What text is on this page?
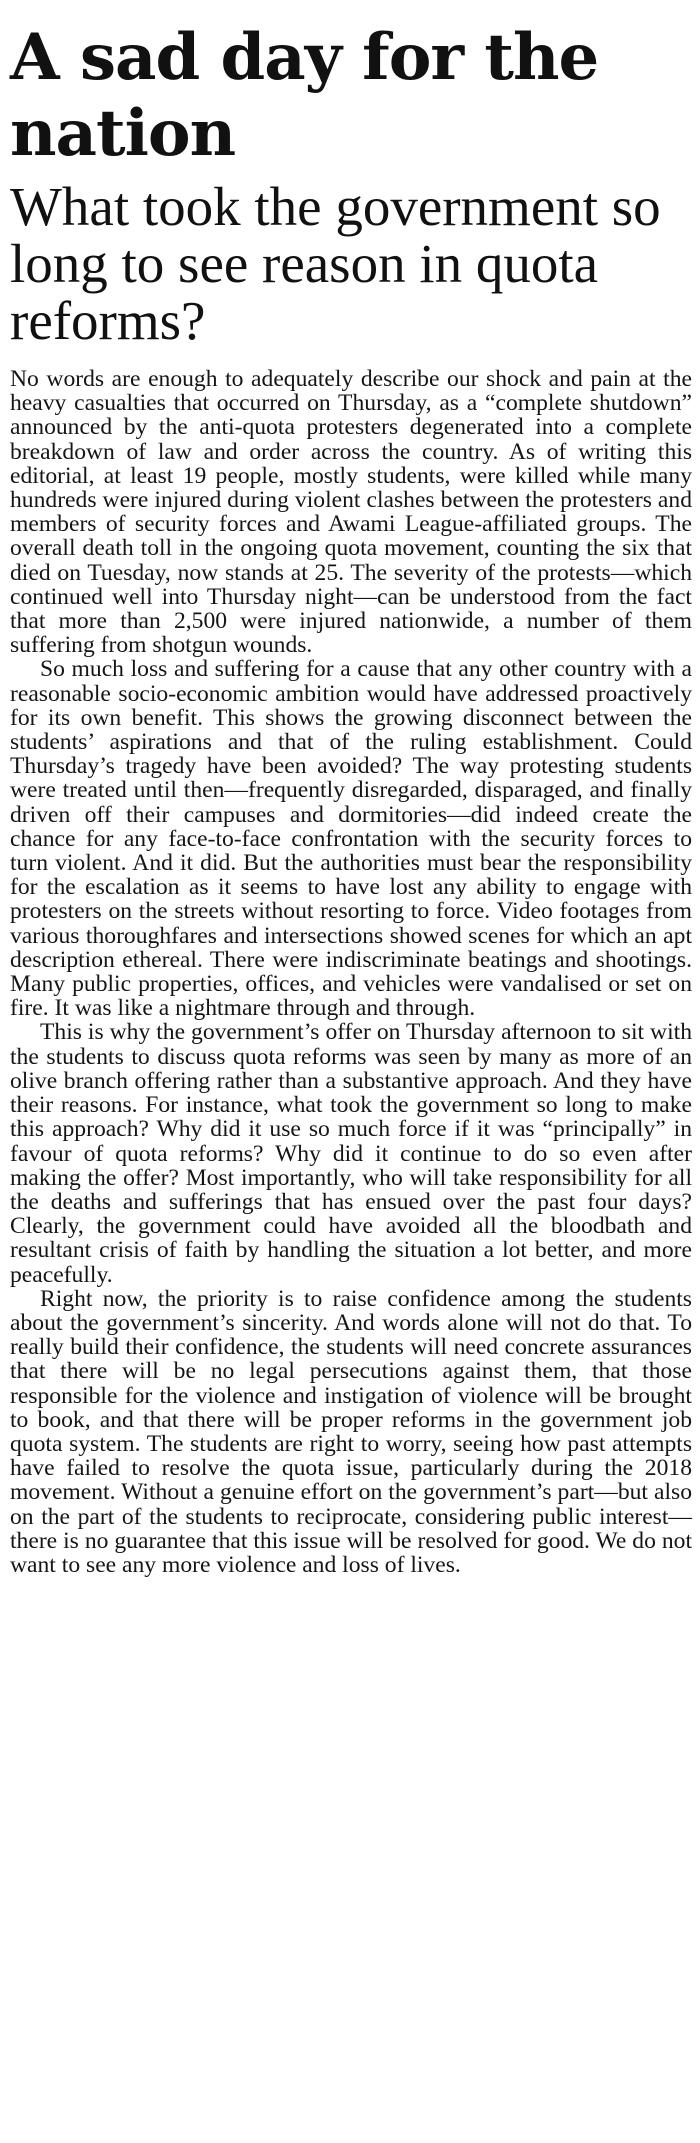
A sad day for the nation
What took the government so long to see reason in quota reforms?

No words are enough to adequately describe our shock and pain at the heavy casualties that occurred on Thursday, as a “complete shutdown” announced by the anti-quota protesters degenerated into a complete breakdown of law and order across the country. As of writing this editorial, at least 19 people, mostly students, were killed while many hundreds were injured during violent clashes between the protesters and members of security forces and Awami League-affiliated groups. The overall death toll in the ongoing quota movement, counting the six that died on Tuesday, now stands at 25. The severity of the protests—which continued well into Thursday night—can be understood from the fact that more than 2,500 were injured nationwide, a number of them suffering from shotgun wounds.

So much loss and suffering for a cause that any other country with a reasonable socio-economic ambition would have addressed proactively for its own benefit. This shows the growing disconnect between the students’ aspirations and that of the ruling establishment. Could Thursday’s tragedy have been avoided? The way protesting students were treated until then—frequently disregarded, disparaged, and finally driven off their campuses and dormitories—did indeed create the chance for any face-to-face confrontation with the security forces to turn violent. And it did. But the authorities must bear the responsibility for the escalation as it seems to have lost any ability to engage with protesters on the streets without resorting to force. Video footages from various thoroughfares and intersections showed scenes for which an apt description ethereal. There were indiscriminate beatings and shootings. Many public properties, offices, and vehicles were vandalised or set on fire. It was like a nightmare through and through.

This is why the government’s offer on Thursday afternoon to sit with the students to discuss quota reforms was seen by many as more of an olive branch offering rather than a substantive approach. And they have their reasons. For instance, what took the government so long to make this approach? Why did it use so much force if it was “principally” in favour of quota reforms? Why did it continue to do so even after making the offer? Most importantly, who will take responsibility for all the deaths and sufferings that has ensued over the past four days? Clearly, the government could have avoided all the bloodbath and resultant crisis of faith by handling the situation a lot better, and more peacefully.

Right now, the priority is to raise confidence among the students about the government’s sincerity. And words alone will not do that. To really build their confidence, the students will need concrete assurances that there will be no legal persecutions against them, that those responsible for the violence and instigation of violence will be brought to book, and that there will be proper reforms in the government job quota system. The students are right to worry, seeing how past attempts have failed to resolve the quota issue, particularly during the 2018 movement. Without a genuine effort on the government’s part—but also on the part of the students to reciprocate, considering public interest—there is no guarantee that this issue will be resolved for good. We do not want to see any more violence and loss of lives.
